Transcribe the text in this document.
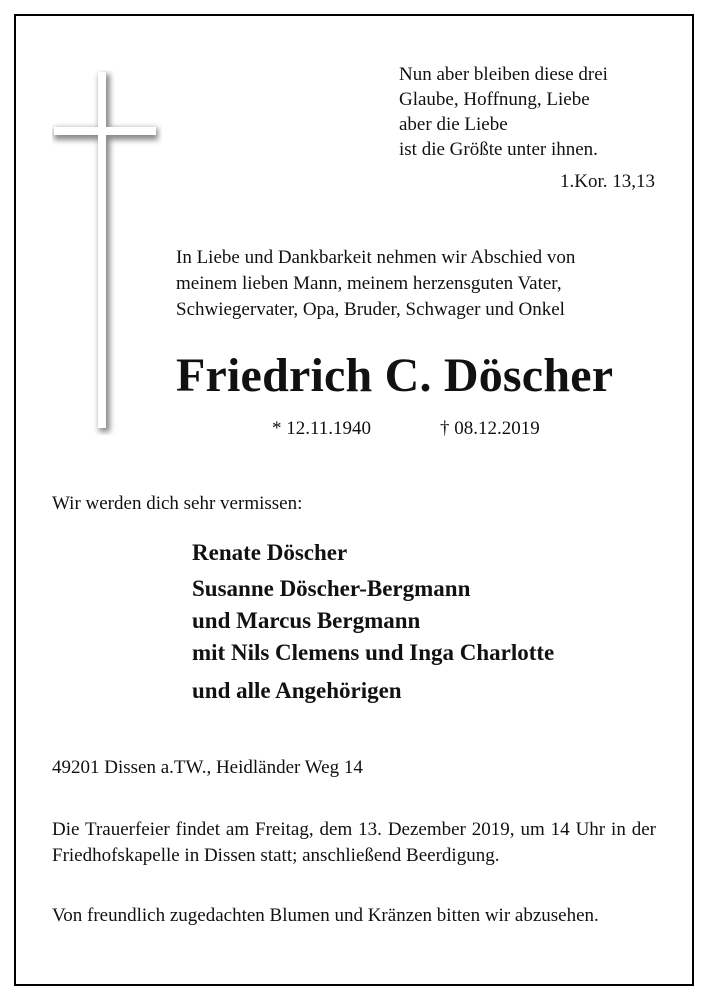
Nun aber bleiben diese drei
Glaube, Hoffnung, Liebe
aber die Liebe
ist die Größte unter ihnen.
1.Kor. 13,13
In Liebe und Dankbarkeit nehmen wir Abschied von
meinem lieben Mann, meinem herzensguten Vater,
Schwiegervater, Opa, Bruder, Schwager und Onkel
Friedrich C. Döscher
* 12.11.1940	† 08.12.2019
Wir werden dich sehr vermissen:
Renate Döscher
Susanne Döscher-Bergmann
und Marcus Bergmann
mit Nils Clemens und Inga Charlotte
und alle Angehörigen
49201 Dissen a.TW., Heidländer Weg 14
Die Trauerfeier findet am Freitag, dem 13. Dezember 2019, um 14 Uhr in der Friedhofskapelle in Dissen statt; anschließend Beerdigung.
Von freundlich zugedachten Blumen und Kränzen bitten wir abzusehen.
